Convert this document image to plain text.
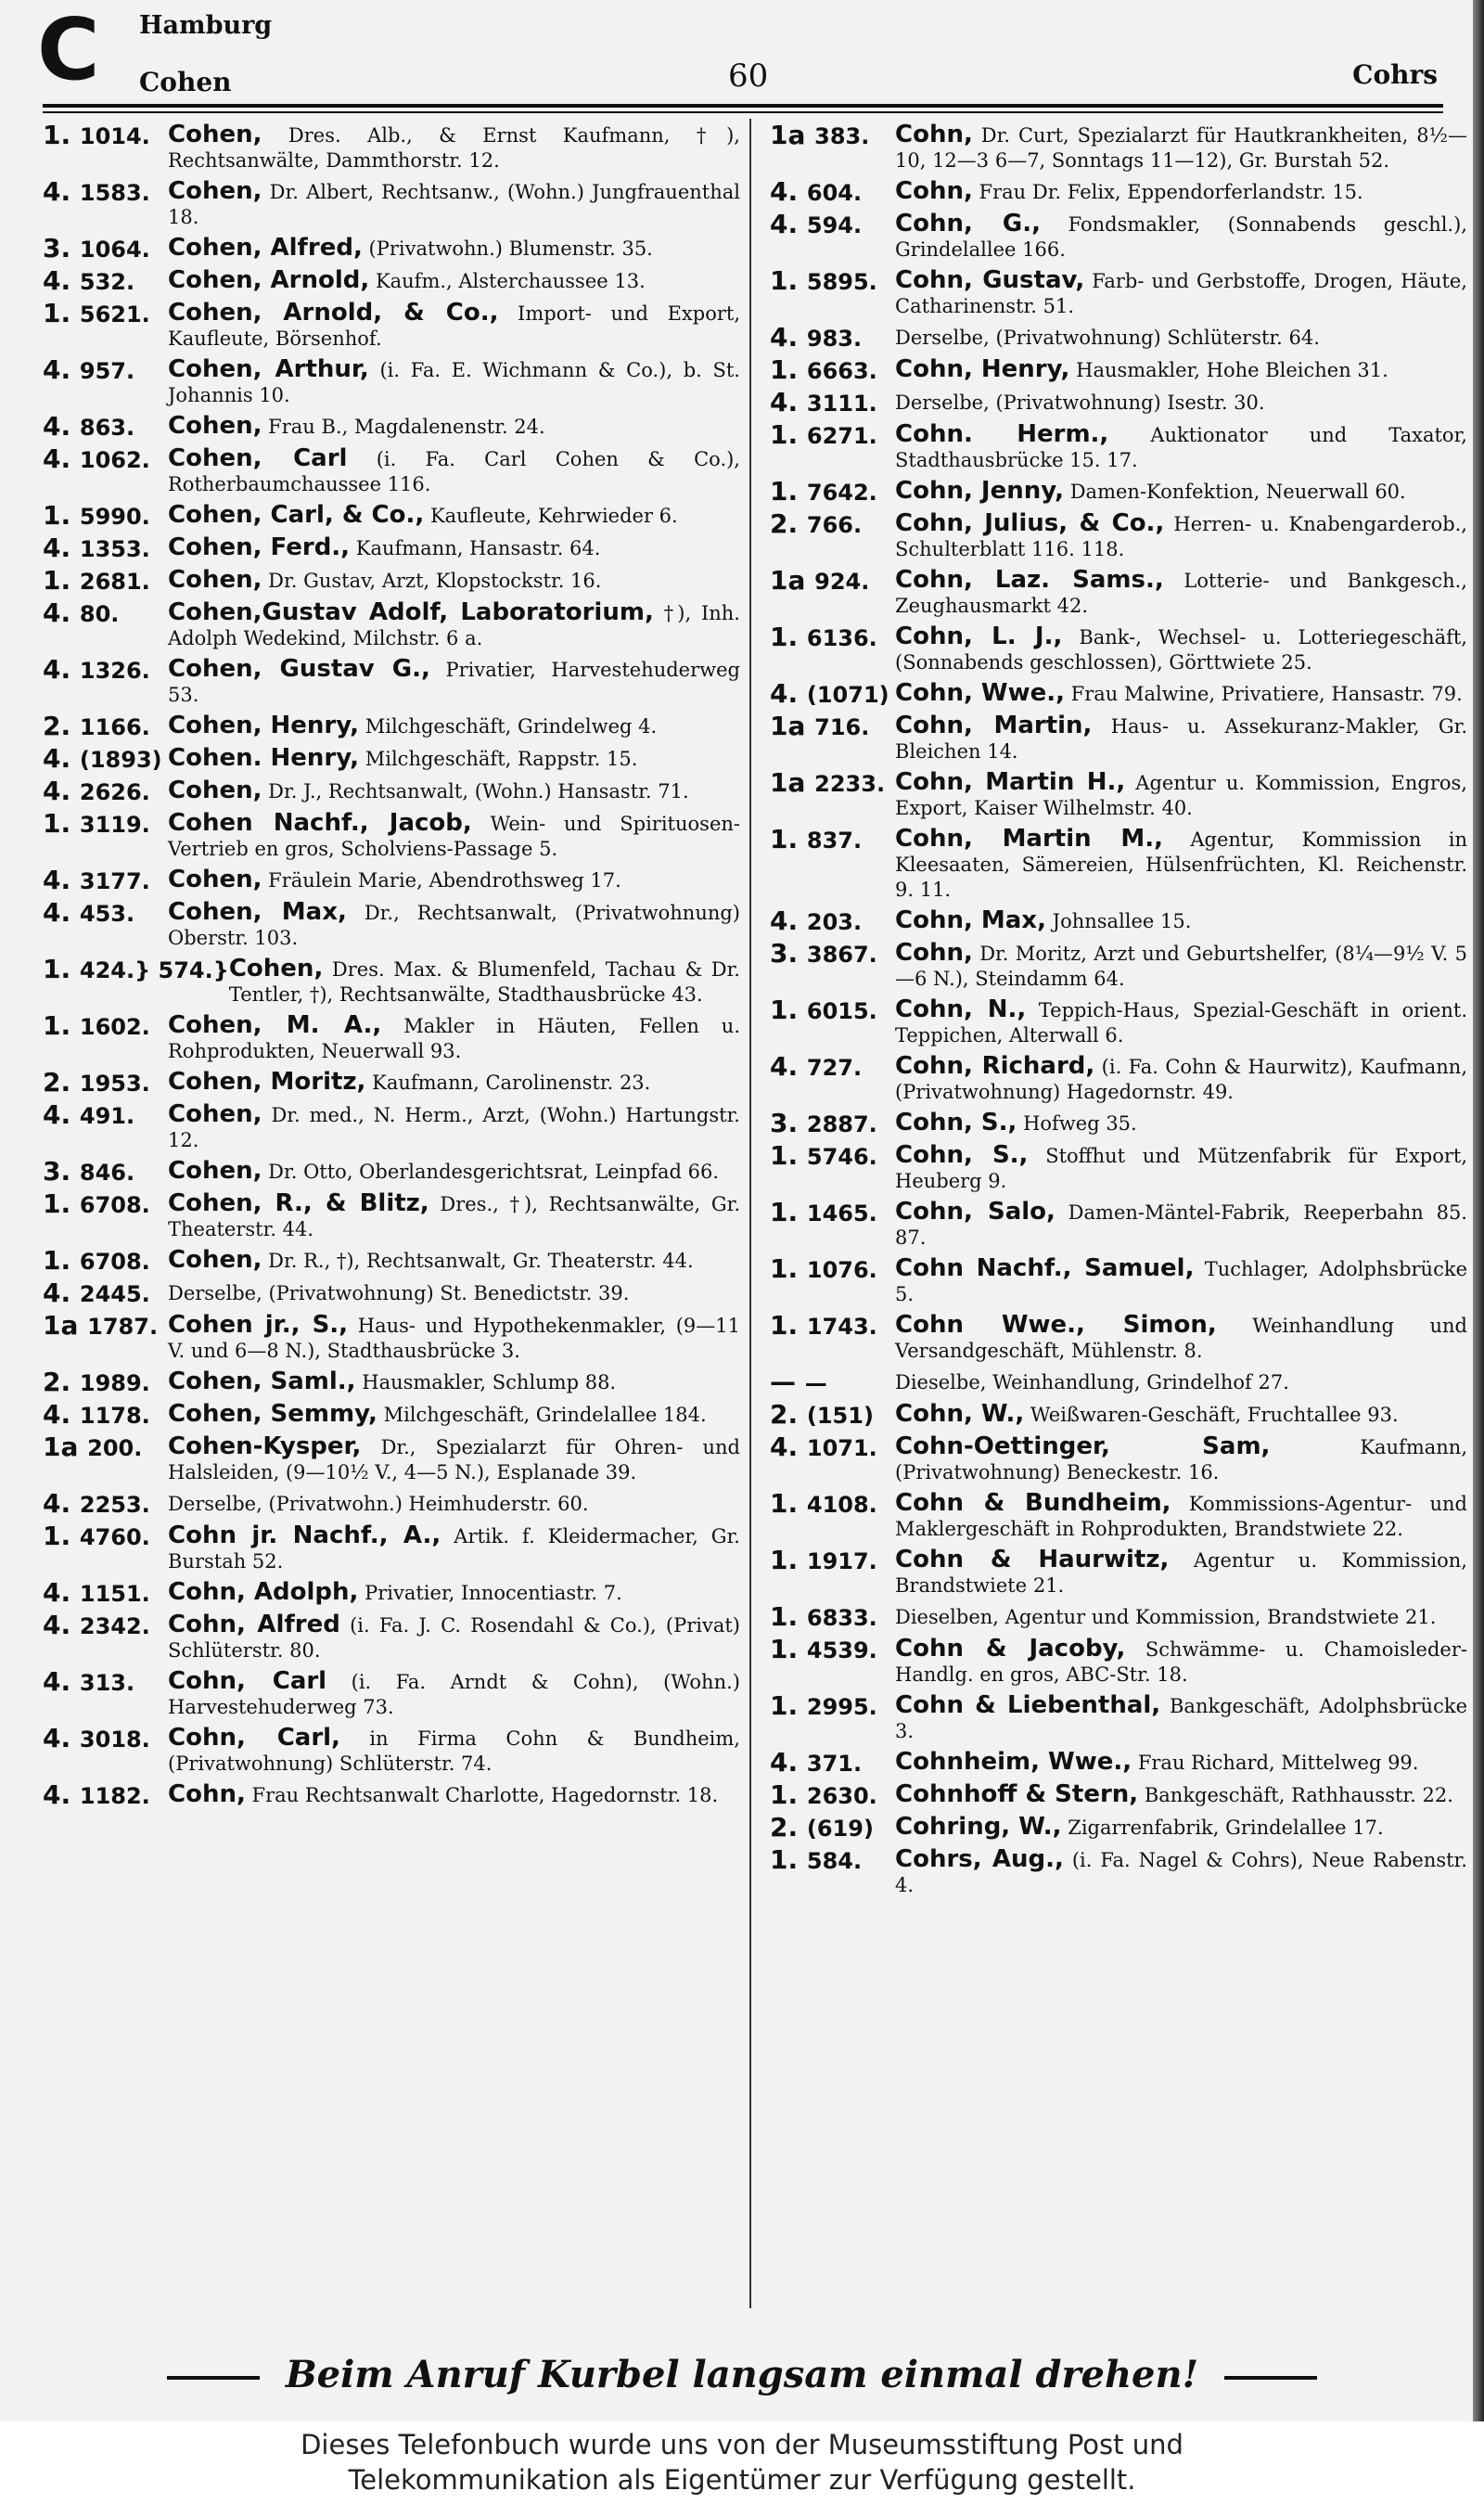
C Hamburg
Cohen	60	Cohrs
1. 1014. Cohen, Dres. Alb., & Ernst Kaufmann, †), Rechtsanwälte, Dammthorstr. 12.
4. 1583. Cohen, Dr. Albert, Rechtsanw., (Wohn.) Jungfrauenthal 18.
3. 1064. Cohen, Alfred, (Privatwohn.) Blumenstr. 35.
4. 532.	Cohen, Arnold, Kaufm., Alsterchaussee 13.
1. 5621. Cohen, Arnold, & Co., Import- und Export, Kaufleute, Börsenhof.
4. 957.	Cohen, Arthur, (i. Fa. E. Wichmann & Co.), b. St. Johannis 10.
4. 863.	Cohen, Frau B., Magdalenenstr. 24.
4. 1062. Cohen, Carl (i. Fa. Carl Cohen & Co.), Rotherbaumchaussee 116.
1. 5990. Cohen, Carl, & Co., Kaufleute, Kehrwieder 6.
4. 1353. Cohen, Ferd., Kaufmann, Hansastr. 64.
1. 2681. Cohen, Dr. Gustav, Arzt, Klopstockstr. 16.
4. 80.	Cohen,Gustav Adolf, Laboratorium, †), Inh. Adolph Wedekind, Milchstr. 6 a.
4. 1326. Cohen, Gustav G., Privatier, Harvestehuderweg 53.
2. 1166. Cohen, Henry, Milchgeschäft, Grindelweg 4.
4. (1893) Cohen. Henry, Milchgeschäft, Rappstr. 15.
4. 2626. Cohen, Dr. J., Rechtsanwalt, (Wohn.) Hansastr. 71.
1. 3119. Cohen Nachf., Jacob, Wein- und Spirituosen-Vertrieb en gros, Scholviens-Passage 5.
4. 3177. Cohen, Fräulein Marie, Abendrothsweg 17.
4. 453.	Cohen, Max, Dr., Rechtsanwalt, (Privatwohnung) Oberstr. 103.
1. 424.} 574.} Cohen, Dres. Max. & Blumenfeld, Tachau & Dr. Tentler, †), Rechtsanwälte, Stadthausbrücke 43.
1. 1602. Cohen, M. A., Makler in Häuten, Fellen u. Rohprodukten, Neuerwall 93.
2. 1953. Cohen, Moritz, Kaufmann, Carolinenstr. 23.
4. 491.	Cohen, Dr. med., N. Herm., Arzt, (Wohn.) Hartungstr. 12.
3. 846.	Cohen, Dr. Otto, Oberlandesgerichtsrat, Leinpfad 66.
1. 6708. Cohen, R., & Blitz, Dres., †), Rechtsanwälte, Gr. Theaterstr. 44.
1. 6708. Cohen, Dr. R., †), Rechtsanwalt, Gr. Theaterstr. 44.
4. 2445. Derselbe, (Privatwohnung) St. Benedictstr. 39.
1a 1787. Cohen jr., S., Haus- und Hypothekenmakler, (9—11 V. und 6—8 N.), Stadthausbrücke 3.
2. 1989. Cohen, Saml., Hausmakler, Schlump 88.
4. 1178. Cohen, Semmy, Milchgeschäft, Grindelallee 184.
1a 200.	Cohen-Kysper, Dr., Spezialarzt für Ohren- und Halsleiden, (9—10½ V., 4—5 N.), Esplanade 39.
4. 2253. Derselbe, (Privatwohn.) Heimhuderstr. 60.
1. 4760. Cohn jr. Nachf., A., Artik. f. Kleidermacher, Gr. Burstah 52.
4. 1151. Cohn, Adolph, Privatier, Innocentiastr. 7.
4. 2342. Cohn, Alfred (i. Fa. J. C. Rosendahl & Co.), (Privat) Schlüterstr. 80.
4. 313.	Cohn, Carl (i. Fa. Arndt & Cohn), (Wohn.) Harvestehuderweg 73.
4. 3018. Cohn, Carl, in Firma Cohn & Bundheim, (Privatwohnung) Schlüterstr. 74.
4. 1182. Cohn, Frau Rechtsanwalt Charlotte, Hagedornstr. 18.
1a 383.	Cohn, Dr. Curt, Spezialarzt für Hautkrankheiten, 8½—10, 12—3 6—7, Sonntags 11—12), Gr. Burstah 52.
4. 604.	Cohn, Frau Dr. Felix, Eppendorferlandstr. 15.
4. 594.	Cohn, G., Fondsmakler, (Sonnabends geschl.), Grindelallee 166.
1. 5895. Cohn, Gustav, Farb- und Gerbstoffe, Drogen, Häute, Catharinenstr. 51.
4. 983.	Derselbe, (Privatwohnung) Schlüterstr. 64.
1. 6663. Cohn, Henry, Hausmakler, Hohe Bleichen 31.
4. 3111. Derselbe, (Privatwohnung) Isestr. 30.
1. 6271. Cohn. Herm., Auktionator und Taxator, Stadthausbrücke 15. 17.
1. 7642. Cohn, Jenny, Damen-Konfektion, Neuerwall 60.
2. 766.	Cohn, Julius, & Co., Herren- u. Knabengarderob., Schulterblatt 116. 118.
1a 924.	Cohn, Laz. Sams., Lotterie- und Bankgesch., Zeughausmarkt 42.
1. 6136. Cohn, L. J., Bank-, Wechsel- u. Lotteriegeschäft, (Sonnabends geschlossen), Görttwiete 25.
4. (1071) Cohn, Wwe., Frau Malwine, Privatiere, Hansastr. 79.
1a 716.	Cohn, Martin, Haus- u. Assekuranz-Makler, Gr. Bleichen 14.
1a 2233. Cohn, Martin H., Agentur u. Kommission, Engros, Export, Kaiser Wilhelmstr. 40.
1. 837.	Cohn, Martin M., Agentur, Kommission in Kleesaaten, Sämereien, Hülsenfrüchten, Kl. Reichenstr. 9. 11.
4. 203.	Cohn, Max, Johnsallee 15.
3. 3867. Cohn, Dr. Moritz, Arzt und Geburtshelfer, (8¼—9½ V. 5—6 N.), Steindamm 64.
1. 6015. Cohn, N., Teppich-Haus, Spezial-Geschäft in orient. Teppichen, Alterwall 6.
4. 727.	Cohn, Richard, (i. Fa. Cohn & Haurwitz), Kaufmann, (Privatwohnung) Hagedornstr. 49.
3. 2887. Cohn, S., Hofweg 35.
1. 5746. Cohn, S., Stoffhut und Mützenfabrik für Export, Heuberg 9.
1. 1465. Cohn, Salo, Damen-Mäntel-Fabrik, Reeperbahn 85. 87.
1. 1076. Cohn Nachf., Samuel, Tuchlager, Adolphsbrücke 5.
1. 1743. Cohn Wwe., Simon, Weinhandlung und Versandgeschäft, Mühlenstr. 8.
— —	Dieselbe, Weinhandlung, Grindelhof 27.
2. (151) Cohn, W., Weißwaren-Geschäft, Fruchtallee 93.
4. 1071. Cohn-Oettinger, Sam,	Kaufmann, (Privatwohnung) Beneckestr. 16.
1. 4108. Cohn & Bundheim, Kommissions-Agentur- und Maklergeschäft in Rohprodukten, Brandstwiete 22.
1. 1917. Cohn & Haurwitz, Agentur u. Kommission, Brandstwiete 21.
1. 6833. Dieselben, Agentur und Kommission, Brandstwiete 21.
1. 4539. Cohn & Jacoby, Schwämme- u. Chamoisleder-Handlg. en gros, ABC-Str. 18.
1. 2995. Cohn & Liebenthal, Bankgeschäft, Adolphsbrücke 3.
4. 371.	Cohnheim, Wwe., Frau Richard, Mittelweg 99.
1. 2630. Cohnhoff & Stern, Bankgeschäft, Rathhausstr. 22.
2. (619) Cohring, W., Zigarrenfabrik, Grindelallee 17.
1. 584.	Cohrs, Aug., (i. Fa. Nagel & Cohrs), Neue Rabenstr. 4.
Beim Anruf Kurbel langsam einmal drehen!
Dieses Telefonbuch wurde uns von der Museumsstiftung Post und
Telekommunikation als Eigentümer zur Verfügung gestellt.
